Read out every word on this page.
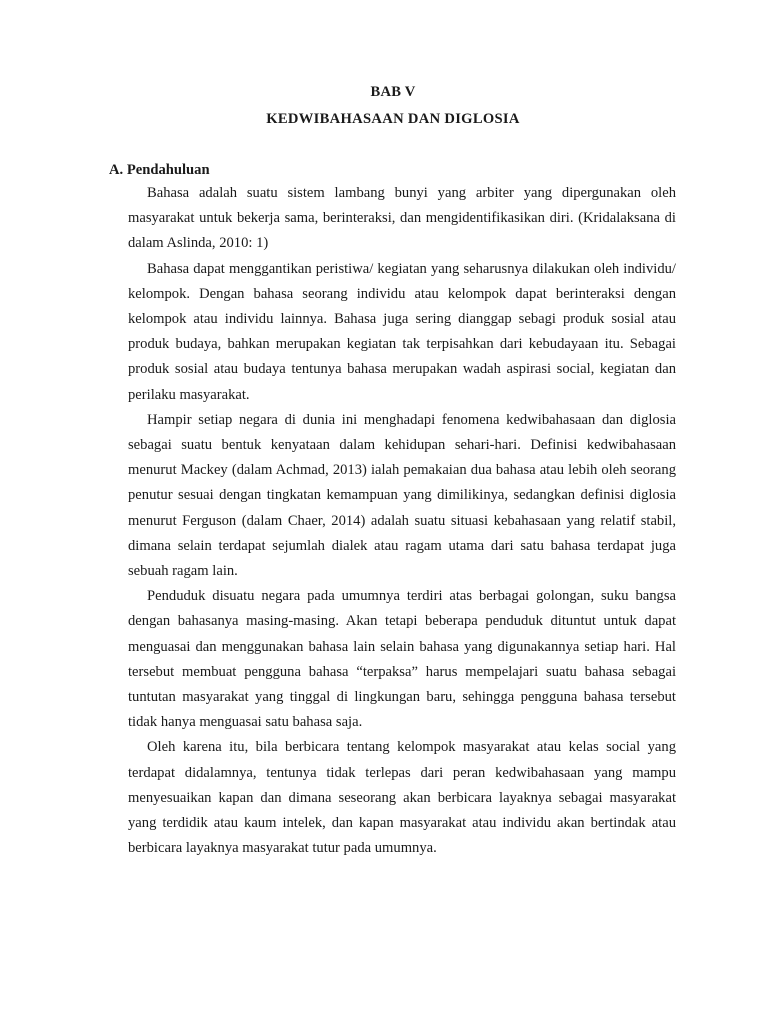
BAB V
KEDWIBAHASAAN DAN DIGLOSIA
A. Pendahuluan

Bahasa adalah suatu sistem lambang bunyi yang arbiter yang dipergunakan oleh masyarakat untuk bekerja sama, berinteraksi, dan mengidentifikasikan diri. (Kridalaksana di dalam Aslinda, 2010: 1)

Bahasa dapat menggantikan peristiwa/ kegiatan yang seharusnya dilakukan oleh individu/ kelompok. Dengan bahasa seorang individu atau kelompok dapat berinteraksi dengan kelompok atau individu lainnya. Bahasa juga sering dianggap sebagi produk sosial atau produk budaya, bahkan merupakan kegiatan tak terpisahkan dari kebudayaan itu. Sebagai produk sosial atau budaya tentunya bahasa merupakan wadah aspirasi social, kegiatan dan perilaku masyarakat.

Hampir setiap negara di dunia ini menghadapi fenomena kedwibahasaan dan diglosia sebagai suatu bentuk kenyataan dalam kehidupan sehari-hari. Definisi kedwibahasaan menurut Mackey (dalam Achmad, 2013) ialah pemakaian dua bahasa atau lebih oleh seorang penutur sesuai dengan tingkatan kemampuan yang dimilikinya, sedangkan definisi diglosia menurut Ferguson (dalam Chaer, 2014) adalah suatu situasi kebahasaan yang relatif stabil, dimana selain terdapat sejumlah dialek atau ragam utama dari satu bahasa terdapat juga sebuah ragam lain.

Penduduk disuatu negara pada umumnya terdiri atas berbagai golongan, suku bangsa dengan bahasanya masing-masing. Akan tetapi beberapa penduduk dituntut untuk dapat menguasai dan menggunakan bahasa lain selain bahasa yang digunakannya setiap hari. Hal tersebut membuat pengguna bahasa “terpaksa” harus mempelajari suatu bahasa sebagai tuntutan masyarakat yang tinggal di lingkungan baru, sehingga pengguna bahasa tersebut tidak hanya menguasai satu bahasa saja.

Oleh karena itu, bila berbicara tentang kelompok masyarakat atau kelas social yang terdapat didalamnya, tentunya tidak terlepas dari peran kedwibahasaan yang mampu menyesuaikan kapan dan dimana seseorang akan berbicara layaknya sebagai masyarakat yang terdidik atau kaum intelek, dan kapan masyarakat atau individu akan bertindak atau berbicara layaknya masyarakat tutur pada umumnya.
